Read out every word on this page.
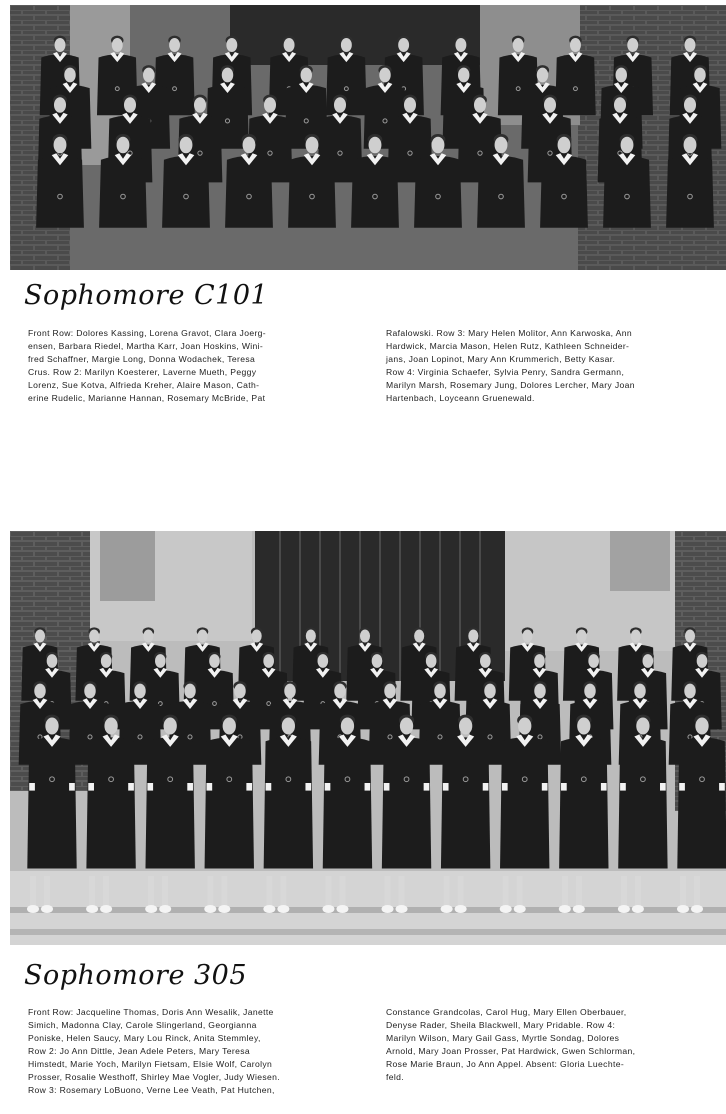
Sophomore C101
Front Row: Dolores Kassing, Lorena Gravot, Clara Joerg-
ensen, Barbara Riedel, Martha Karr, Joan Hoskins, Wini-
fred Schaffner, Margie Long, Donna Wodachek, Teresa
Crus. Row 2: Marilyn Koesterer, Laverne Mueth, Peggy
Lorenz, Sue Kotva, Alfrieda Kreher, Alaire Mason, Cath-
erine Rudelic, Marianne Hannan, Rosemary McBride, Pat
Rafalowski. Row 3: Mary Helen Molitor, Ann Karwoska, Ann
Hardwick, Marcia Mason, Helen Rutz, Kathleen Schneider-
jans, Joan Lopinot, Mary Ann Krummerich, Betty Kasar.
Row 4: Virginia Schaefer, Sylvia Penry, Sandra Germann,
Marilyn Marsh, Rosemary Jung, Dolores Lercher, Mary Joan
Hartenbach, Loyceann Gruenewald.
Sophomore 305
Front Row: Jacqueline Thomas, Doris Ann Wesalik, Janette
Simich, Madonna Clay, Carole Slingerland, Georgianna
Poniske, Helen Saucy, Mary Lou Rinck, Anita Stemmley,
Row 2: Jo Ann Dittle, Jean Adele Peters, Mary Teresa
Himstedt, Marie Yoch, Marilyn Fietsam, Elsie Wolf, Carolyn
Prosser, Rosalie Westhoff, Shirley Mae Vogler, Judy Wiesen.
Row 3: Rosemary LoBuono, Verne Lee Veath, Pat Hutchen,
Constance Grandcolas, Carol Hug, Mary Ellen Oberbauer,
Denyse Rader, Sheila Blackwell, Mary Pridable. Row 4:
Marilyn Wilson, Mary Gail Gass, Myrtle Sondag, Dolores
Arnold, Mary Joan Prosser, Pat Hardwick, Gwen Schlorman,
Rose Marie Braun, Jo Ann Appel. Absent: Gloria Luechte-
feld.
